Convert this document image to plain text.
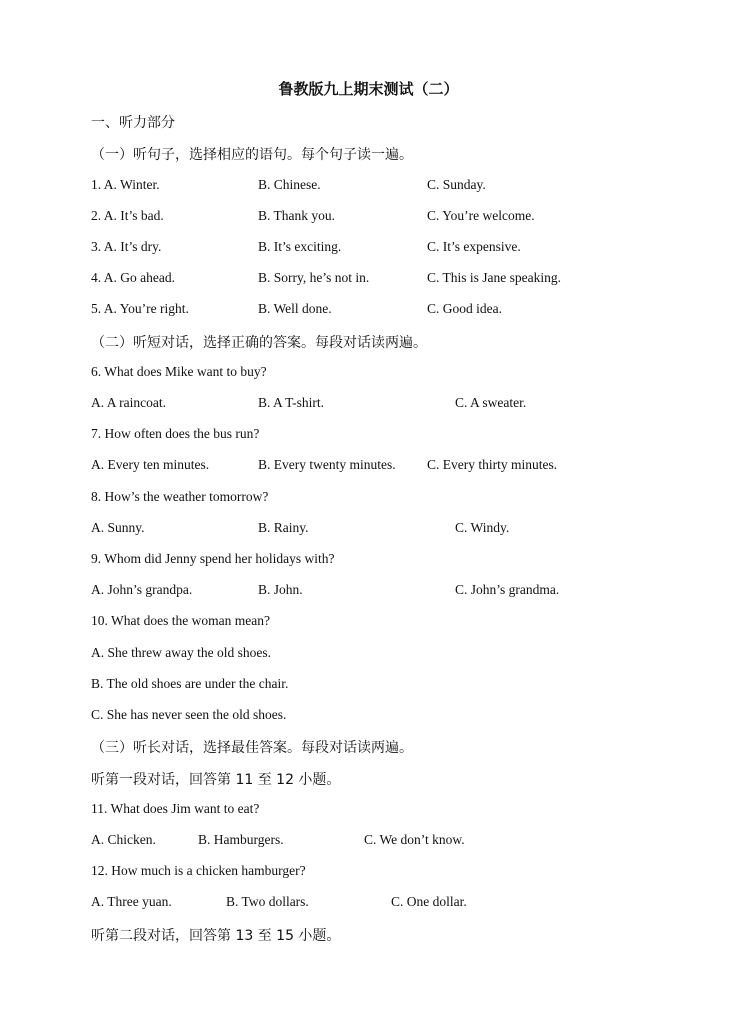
鲁教版九上期末测试（二）
一、听力部分
（一）听句子，选择相应的语句。每个句子读一遍。
1. A. Winter.	B. Chinese.	C. Sunday.
2. A. It’s bad.	B. Thank you.	C. You’re welcome.
3. A. It’s dry.	B. It’s exciting.	C. It’s expensive.
4. A. Go ahead.	B. Sorry, he’s not in.	C. This is Jane speaking.
5. A. You’re right.	B. Well done.	C. Good idea.
（二）听短对话，选择正确的答案。每段对话读两遍。
6. What does Mike want to buy?
A. A raincoat.	B. A T-shirt.	C. A sweater.
7. How often does the bus run?
A. Every ten minutes.	B. Every twenty minutes. C. Every thirty minutes.
8. How’s the weather tomorrow?
A. Sunny.	B. Rainy.	C. Windy.
9. Whom did Jenny spend her holidays with?
A. John’s grandpa.	B. John.	C. John’s grandma.
10. What does the woman mean?
A. She threw away the old shoes.
B. The old shoes are under the chair.
C. She has never seen the old shoes.
（三）听长对话，选择最佳答案。每段对话读两遍。
听第一段对话，回答第 11 至 12 小题。
11. What does Jim want to eat?
A. Chicken.	B. Hamburgers.	C. We don’t know.
12. How much is a chicken hamburger?
A. Three yuan.	B. Two dollars.	C. One dollar.
听第二段对话，回答第 13 至 15 小题。
